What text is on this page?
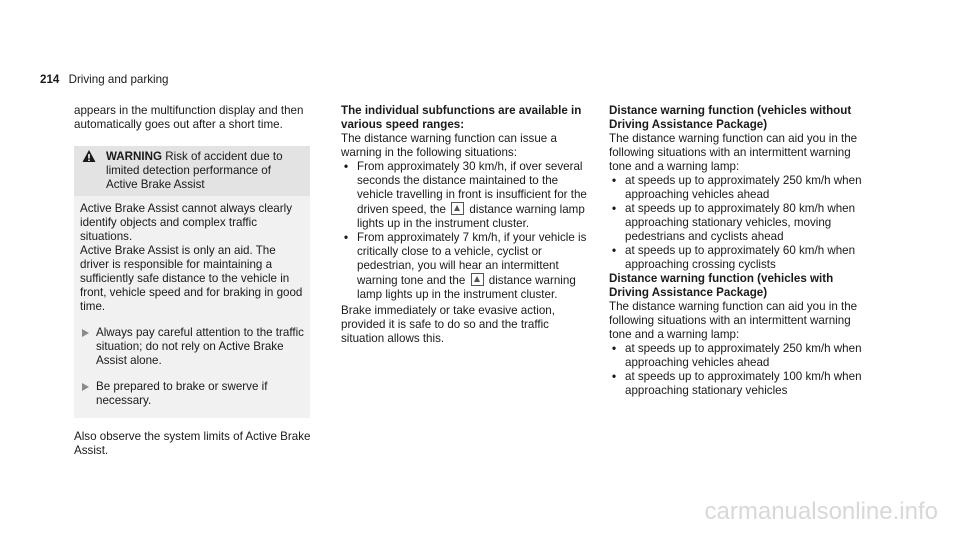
214 Driving and parking

appears in the multifunction display and then automatically goes out after a short time.

WARNING Risk of accident due to limited detection performance of Active Brake Assist

Active Brake Assist cannot always clearly identify objects and complex traffic situations.

Active Brake Assist is only an aid. The driver is responsible for maintaining a sufficiently safe distance to the vehicle in front, vehicle speed and for braking in good time.

Always pay careful attention to the traffic situation; do not rely on Active Brake Assist alone.
Be prepared to brake or swerve if necessary.

Also observe the system limits of Active Brake Assist.

The individual subfunctions are available in various speed ranges:

The distance warning function can issue a warning in the following situations:

• From approximately 30 km/h, if over several seconds the distance maintained to the vehicle travelling in front is insufficient for the driven speed, the distance warning lamp lights up in the instrument cluster.
• From approximately 7 km/h, if your vehicle is critically close to a vehicle, cyclist or pedestrian, you will hear an intermittent warning tone and the distance warning lamp lights up in the instrument cluster.

Brake immediately or take evasive action, provided it is safe to do so and the traffic situation allows this.

Distance warning function (vehicles without Driving Assistance Package)

The distance warning function can aid you in the following situations with an intermittent warning tone and a warning lamp:

• at speeds up to approximately 250 km/h when approaching vehicles ahead
• at speeds up to approximately 80 km/h when approaching stationary vehicles, moving pedestrians and cyclists ahead
• at speeds up to approximately 60 km/h when approaching crossing cyclists

Distance warning function (vehicles with Driving Assistance Package)

The distance warning function can aid you in the following situations with an intermittent warning tone and a warning lamp:

• at speeds up to approximately 250 km/h when approaching vehicles ahead
• at speeds up to approximately 100 km/h when approaching stationary vehicles
carmanualsonline.info
